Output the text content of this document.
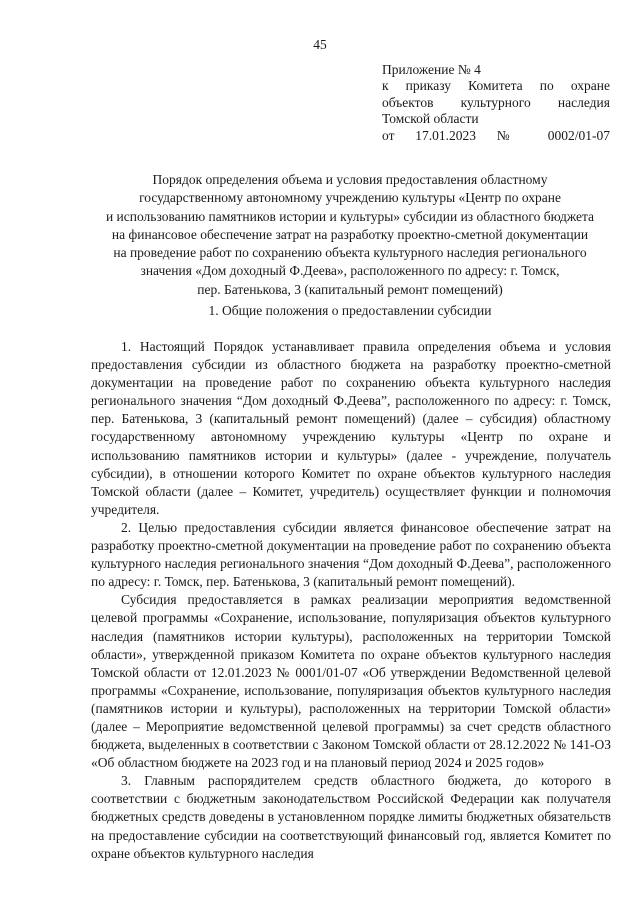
45
Приложение № 4
к приказу Комитета по охране
объектов культурного наследия
Томской области
от 17.01.2023 № 0002/01-07
Порядок определения объема и условия предоставления областному
государственному автономному учреждению культуры «Центр по охране
и использованию памятников истории и культуры» субсидии из областного бюджета
на финансовое обеспечение затрат на разработку проектно-сметной документации
на проведение работ по сохранению объекта культурного наследия регионального
значения «Дом доходный Ф.Деева», расположенного по адресу: г. Томск,
пер. Батенькова, 3 (капитальный ремонт помещений)
1. Общие положения о предоставлении субсидии

1. Настоящий Порядок устанавливает правила определения объема и условия предоставления субсидии из областного бюджета на разработку проектно-сметной документации на проведение работ по сохранению объекта культурного наследия регионального значения “Дом доходный Ф.Деева”, расположенного по адресу: г. Томск, пер. Батенькова, 3 (капитальный ремонт помещений) (далее – субсидия) областному государственному автономному учреждению культуры «Центр по охране и использованию памятников истории и культуры» (далее - учреждение, получатель субсидии), в отношении которого Комитет по охране объектов культурного наследия Томской области (далее – Комитет, учредитель) осуществляет функции и полномочия учредителя.

2. Целью предоставления субсидии является финансовое обеспечение затрат на разработку проектно-сметной документации на проведение работ по сохранению объекта культурного наследия регионального значения “Дом доходный Ф.Деева”, расположенного по адресу: г. Томск, пер. Батенькова, 3 (капитальный ремонт помещений).

Субсидия предоставляется в рамках реализации мероприятия ведомственной целевой программы «Сохранение, использование, популяризация объектов культурного наследия (памятников истории культуры), расположенных на территории Томской области», утвержденной приказом Комитета по охране объектов культурного наследия Томской области от 12.01.2023 № 0001/01-07 «Об утверждении Ведомственной целевой программы «Сохранение, использование, популяризация объектов культурного наследия (памятников истории и культуры), расположенных на территории Томской области» (далее – Мероприятие ведомственной целевой программы) за счет средств областного бюджета, выделенных в соответствии с Законом Томской области от 28.12.2022 № 141-ОЗ «Об областном бюджете на 2023 год и на плановый период 2024 и 2025 годов»

3. Главным распорядителем средств областного бюджета, до которого в соответствии с бюджетным законодательством Российской Федерации как получателя бюджетных средств доведены в установленном порядке лимиты бюджетных обязательств на предоставление субсидии на соответствующий финансовый год, является Комитет по охране объектов культурного наследия
